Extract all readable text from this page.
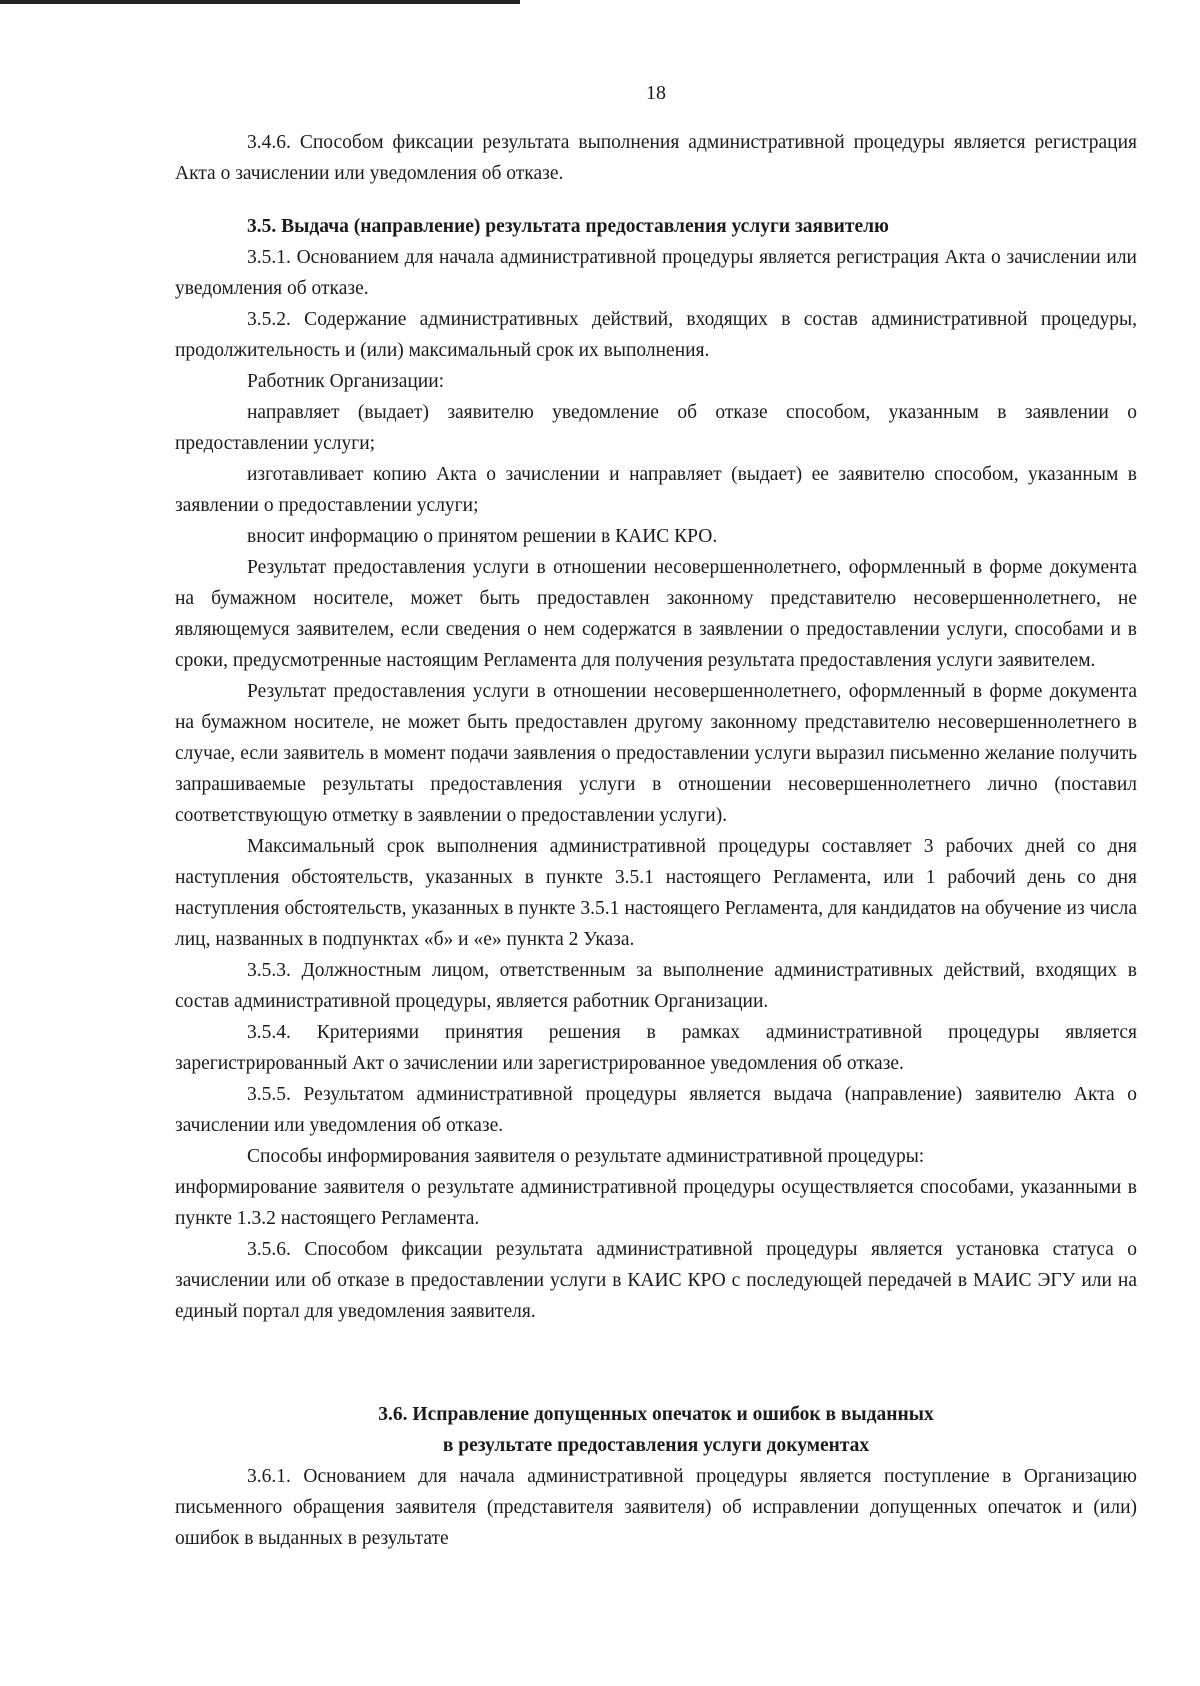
18

3.4.6. Способом фиксации результата выполнения административной процедуры является регистрация Акта о зачислении или уведомления об отказе.

3.5. Выдача (направление) результата предоставления услуги заявителю

3.5.1. Основанием для начала административной процедуры является регистрация Акта о зачислении или уведомления об отказе.

3.5.2. Содержание административных действий, входящих в состав административной процедуры, продолжительность и (или) максимальный срок их выполнения.

Работник Организации:

направляет (выдает) заявителю уведомление об отказе способом, указанным в заявлении о предоставлении услуги;

изготавливает копию Акта о зачислении и направляет (выдает) ее заявителю способом, указанным в заявлении о предоставлении услуги;

вносит информацию о принятом решении в КАИС КРО.

Результат предоставления услуги в отношении несовершеннолетнего, оформленный в форме документа на бумажном носителе, может быть предоставлен законному представителю несовершеннолетнего, не являющемуся заявителем, если сведения о нем содержатся в заявлении о предоставлении услуги, способами и в сроки, предусмотренные настоящим Регламента для получения результата предоставления услуги заявителем.

Результат предоставления услуги в отношении несовершеннолетнего, оформленный в форме документа на бумажном носителе, не может быть предоставлен другому законному представителю несовершеннолетнего в случае, если заявитель в момент подачи заявления о предоставлении услуги выразил письменно желание получить запрашиваемые результаты предоставления услуги в отношении несовершеннолетнего лично (поставил соответствующую отметку в заявлении о предоставлении услуги).

Максимальный срок выполнения административной процедуры составляет 3 рабочих дней со дня наступления обстоятельств, указанных в пункте 3.5.1 настоящего Регламента, или 1 рабочий день со дня наступления обстоятельств, указанных в пункте 3.5.1 настоящего Регламента, для кандидатов на обучение из числа лиц, названных в подпунктах «б» и «е» пункта 2 Указа.

3.5.3. Должностным лицом, ответственным за выполнение административных действий, входящих в состав административной процедуры, является работник Организации.

3.5.4. Критериями принятия решения в рамках административной процедуры является зарегистрированный Акт о зачислении или зарегистрированное уведомления об отказе.

3.5.5. Результатом административной процедуры является выдача (направление) заявителю Акта о зачислении или уведомления об отказе.

Способы информирования заявителя о результате административной процедуры:

информирование заявителя о результате административной процедуры осуществляется способами, указанными в пункте 1.3.2 настоящего Регламента.

3.5.6. Способом фиксации результата административной процедуры является установка статуса о зачислении или об отказе в предоставлении услуги в КАИС КРО с последующей передачей в МАИС ЭГУ или на единый портал для уведомления заявителя.

3.6. Исправление допущенных опечаток и ошибок в выданных
в результате предоставления услуги документах

3.6.1. Основанием для начала административной процедуры является поступление в Организацию письменного обращения заявителя (представителя заявителя) об исправлении допущенных опечаток и (или) ошибок в выданных в результате
